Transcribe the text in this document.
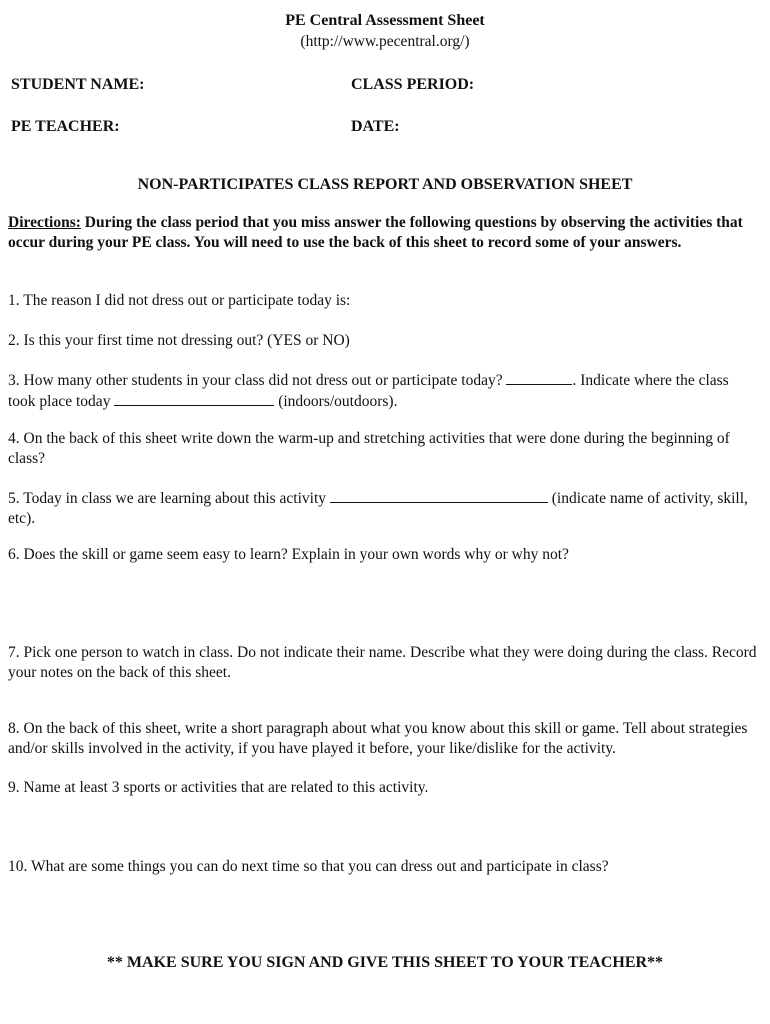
PE Central Assessment Sheet
(http://www.pecentral.org/)
STUDENT NAME:	CLASS PERIOD:
PE TEACHER:	DATE:
NON-PARTICIPATES CLASS REPORT AND OBSERVATION SHEET
Directions: During the class period that you miss answer the following questions by observing the activities that occur during your PE class. You will need to use the back of this sheet to record some of your answers.
1. The reason I did not dress out or participate today is:
2. Is this your first time not dressing out? (YES or NO)
3. How many other students in your class did not dress out or participate today?	. Indicate where the class took place today	(indoors/outdoors).
4. On the back of this sheet write down the warm-up and stretching activities that were done during the beginning of class?
5. Today in class we are learning about this activity	(indicate name of activity, skill, etc).
6. Does the skill or game seem easy to learn? Explain in your own words why or why not?
7. Pick one person to watch in class. Do not indicate their name. Describe what they were doing during the class. Record your notes on the back of this sheet.
8. On the back of this sheet, write a short paragraph about what you know about this skill or game. Tell about strategies and/or skills involved in the activity, if you have played it before, your like/dislike for the activity.
9. Name at least 3 sports or activities that are related to this activity.
10. What are some things you can do next time so that you can dress out and participate in class?
** MAKE SURE YOU SIGN AND GIVE THIS SHEET TO YOUR TEACHER**
